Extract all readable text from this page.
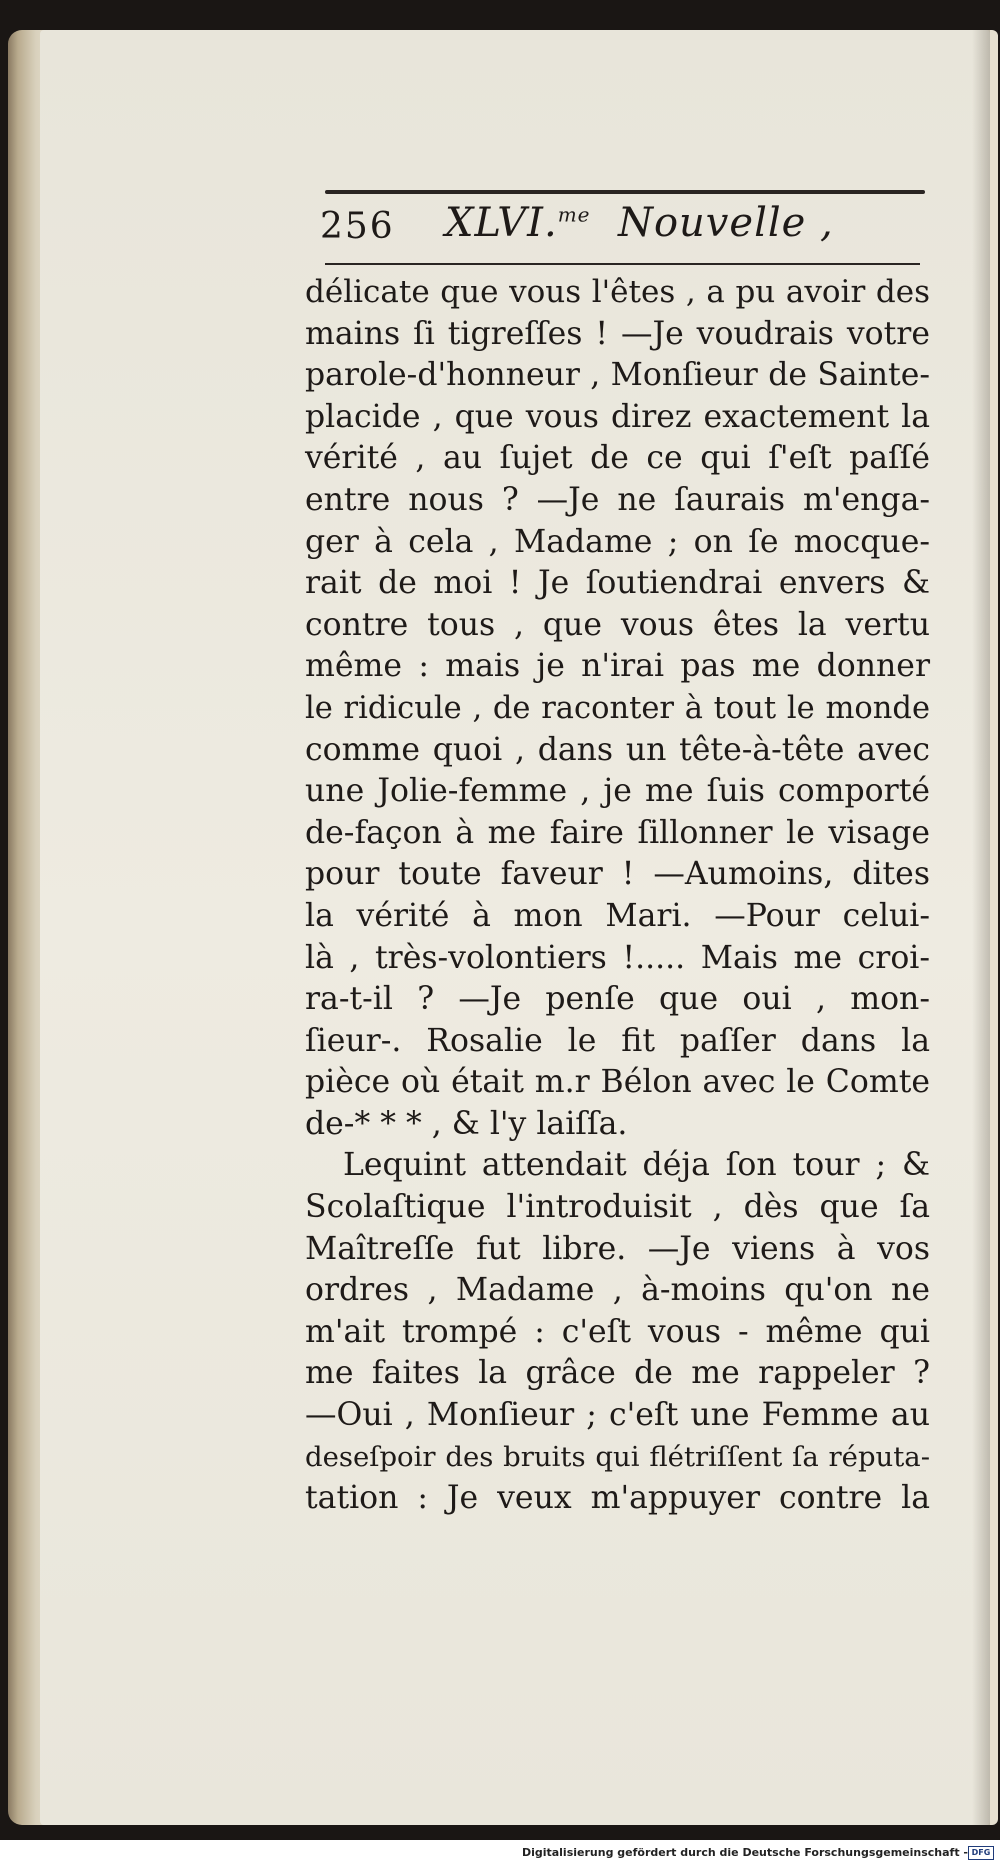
256 XLVI.$^{me}$ Nouvelle ,
délicate que vous l'êtes , a pu avoir des
mains ſi tigreſſes ! —Je voudrais votre
parole-d'honneur , Monſieur de Sainte-
placide , que vous direz exactement la
vérité , au ſujet de ce qui ſ'eſt paſſé
entre nous ? —Je ne ſaurais m'enga-
ger à cela , Madame ; on ſe mocque-
rait de moi ! Je ſoutiendrai envers &
contre tous , que vous êtes la vertu
même : mais je n'irai pas me donner
le ridicule , de raconter à tout le monde
comme quoi , dans un tête-à-tête avec
une Jolie-femme , je me ſuis comporté
de-façon à me faire ſillonner le visage
pour toute faveur ! —Aumoins, dites
la vérité à mon Mari. —Pour celui-
là , très-volontiers !..... Mais me croi-
ra-t-il ? —Je penſe que oui , mon-
ſieur-. Rosalie le fit paſſer dans la
pièce où était m.r Bélon avec le Comte
de-* * * , & l'y laiſſa.
Lequint attendait déja ſon tour ; &
Scolaſtique l'introduisit , dès que ſa
Maîtreſſe fut libre. —Je viens à vos
ordres , Madame , à-moins qu'on ne
m'ait trompé : c'eſt vous - même qui
me faites la grâce de me rappeler ?
—Oui , Monſieur ; c'eſt une Femme au
deseſpoir des bruits qui flétriſſent ſa réputa-
tation : Je veux m'appuyer contre la
Digitalisierung gefördert durch die Deutsche Forschungsgemeinschaft - DFG
